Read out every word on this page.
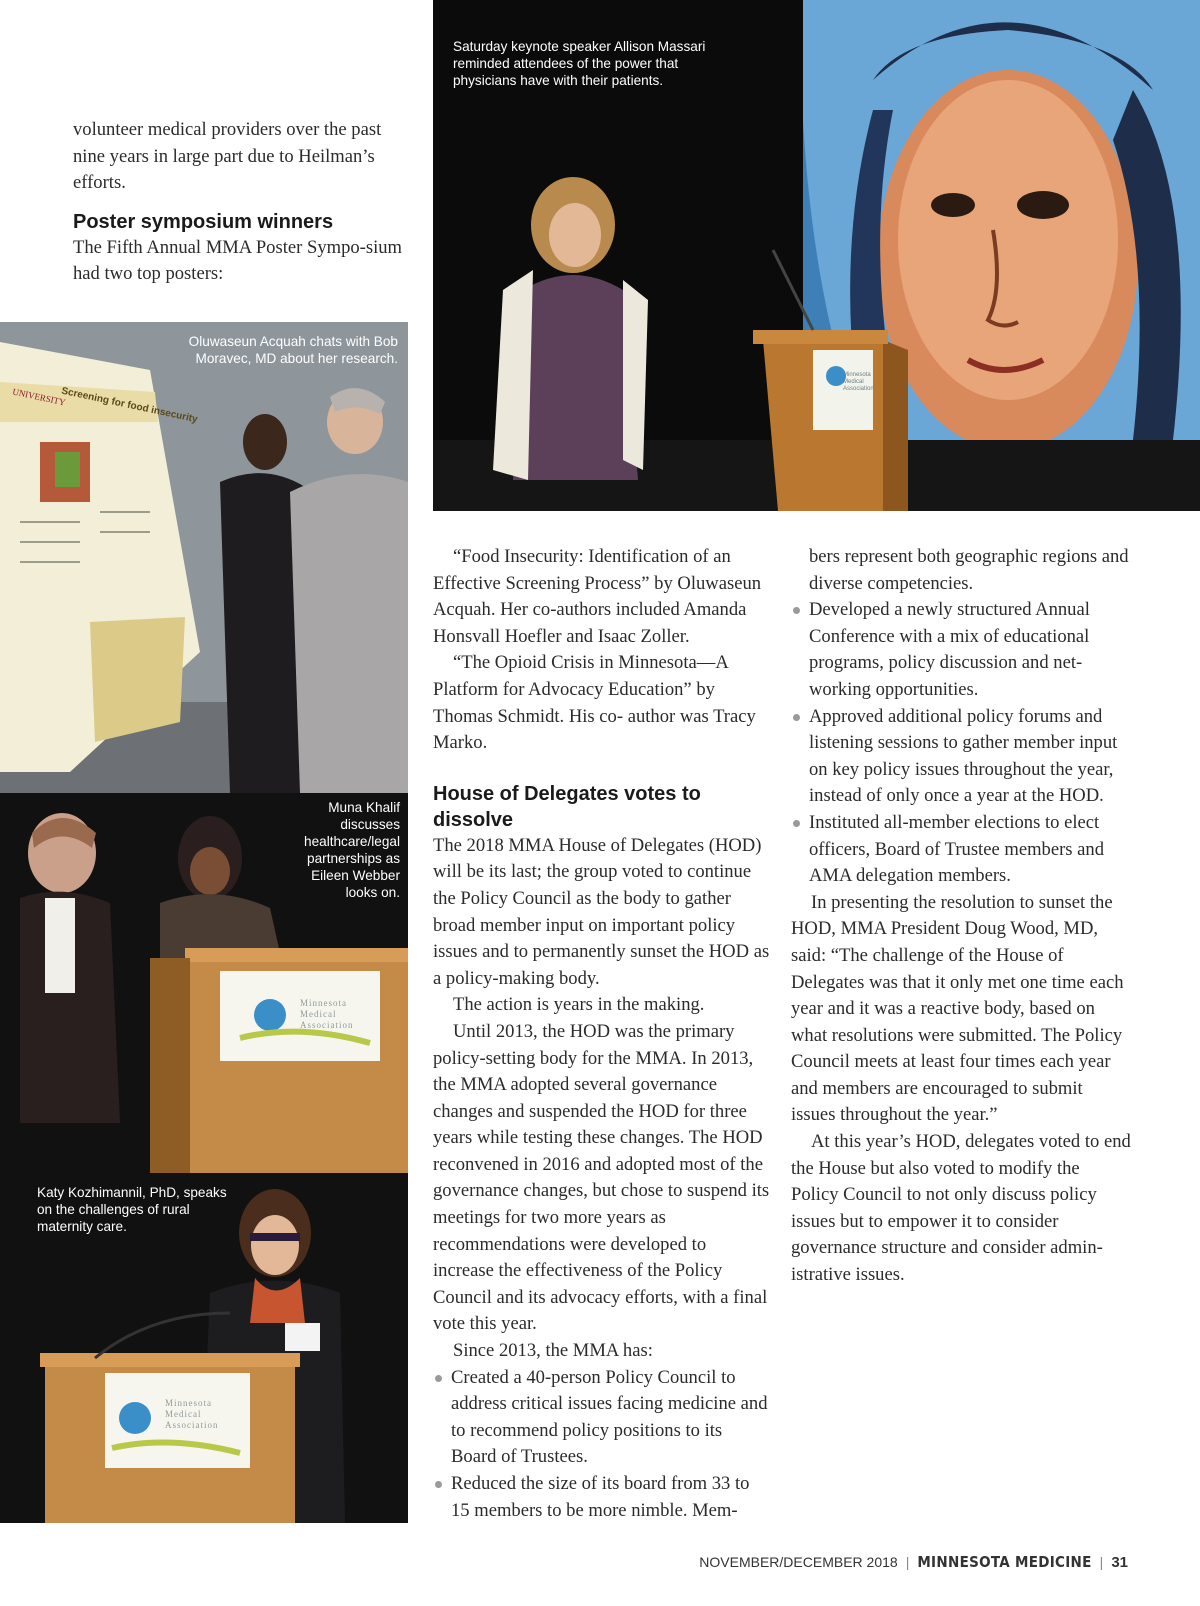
volunteer medical providers over the past nine years in large part due to Heilman’s efforts.

Poster symposium winners

The Fifth Annual MMA Poster Sympo-sium had two top posters:

Saturday keynote speaker Allison Massari reminded attendees of the power that physicians have with their patients.
Oluwaseun Acquah chats with Bob Moravec, MD about her research.
Screening for food insecurity
UNIVERSITY
Muna Khalif discusses healthcare/legal partnerships as Eileen Webber looks on.
Minnesota
Medical
Association
Katy Kozhimannil, PhD, speaks on the challenges of rural maternity care.
Minnesota
Medical
Association
Minnesota Medical Association

“Food Insecurity: Identification of an Effective Screening Process” by Oluwaseun Acquah. Her co-authors included Amanda Honsvall Hoefler and Isaac Zoller.

“The Opioid Crisis in Minnesota—A Platform for Advocacy Education” by Thomas Schmidt. His co- author was Tracy Marko.

House of Delegates votes to dissolve

The 2018 MMA House of Delegates (HOD) will be its last; the group voted to continue the Policy Council as the body to gather broad member input on important policy issues and to permanently sunset the HOD as a policy-making body.

The action is years in the making.

Until 2013, the HOD was the primary policy-setting body for the MMA. In 2013, the MMA adopted several governance changes and suspended the HOD for three years while testing these changes. The HOD reconvened in 2016 and adopted most of the governance changes, but chose to suspend its meetings for two more years as recommendations were developed to increase the effectiveness of the Policy Council and its advocacy efforts, with a final vote this year.

Since 2013, the MMA has:

Created a 40-person Policy Council to address critical issues facing medicine and to recommend policy positions to its Board of Trustees.
Reduced the size of its board from 33 to 15 members to be more nimble. Mem-

bers represent both geographic regions and diverse competencies.

Developed a newly structured Annual Conference with a mix of educational programs, policy discussion and net-working opportunities.
Approved additional policy forums and listening sessions to gather member input on key policy issues throughout the year, instead of only once a year at the HOD.
Instituted all-member elections to elect officers, Board of Trustee members and AMA delegation members.

In presenting the resolution to sunset the HOD, MMA President Doug Wood, MD, said: “The challenge of the House of Delegates was that it only met one time each year and it was a reactive body, based on what resolutions were submitted. The Policy Council meets at least four times each year and members are encouraged to submit issues throughout the year.”

At this year’s HOD, delegates voted to end the House but also voted to modify the Policy Council to not only discuss policy issues but to empower it to consider governance structure and consider admin-istrative issues.

NOVEMBER/DECEMBER 2018 | MINNESOTA MEDICINE | 31
